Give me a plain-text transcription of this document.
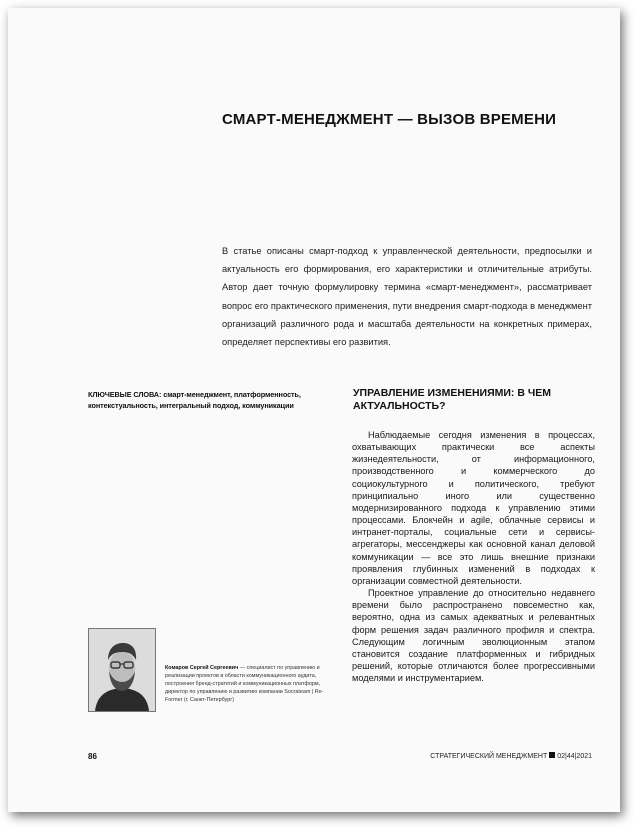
СМАРТ-МЕНЕДЖМЕНТ — ВЫЗОВ ВРЕМЕНИ
В статье описаны смарт-подход к управленческой деятельности, предпосылки и актуальность его формирования, его характеристики и отличительные атрибуты. Автор дает точную формулировку термина «смарт-менеджмент», рассматривает вопрос его практического применения, пути внедрения смарт-подхода в менеджмент организаций различного рода и масштаба деятельности на конкретных примерах, определяет перспективы его развития.
КЛЮЧЕВЫЕ СЛОВА: смарт-менеджмент, платформенность, контекстуальность, интегральный подход, коммуникации
УПРАВЛЕНИЕ ИЗМЕНЕНИЯМИ: В ЧЕМ АКТУАЛЬНОСТЬ?

Наблюдаемые сегодня изменения в процессах, охватывающих практически все аспекты жизнедеятельности, от информационного, производственного и коммерческого до социокультурного и политического, требуют принципиально иного или существенно модернизированного подхода к управлению этими процессами. Блокчейн и agile, облачные сервисы и интранет-порталы, социальные сети и сервисы-агрегаторы, мессенджеры как основной канал деловой коммуникации — все это лишь внешние признаки проявления глубинных изменений в подходах к организации совместной деятельности.

Проектное управление до относительно недавнего времени было распространено повсеместно как, вероятно, одна из самых адекватных и релевантных форм решения задач различного профиля и спектра. Следующим логичным эволюционным этапом становится создание платформенных и гибридных решений, которые отличаются более прогрессивными моделями и инструментарием.

Комаров Сергей Сергеевич — специалист по управлению и реализации проектов в области коммуникационного аудита, построения бренд-стратегий и коммуникационных платформ, директор по управлению и развитию компании Socrateam | Re-Former (г. Санкт-Петербург)
86	СТРАТЕГИЧЕСКИЙ МЕНЕДЖМЕНТ 02|44|2021
